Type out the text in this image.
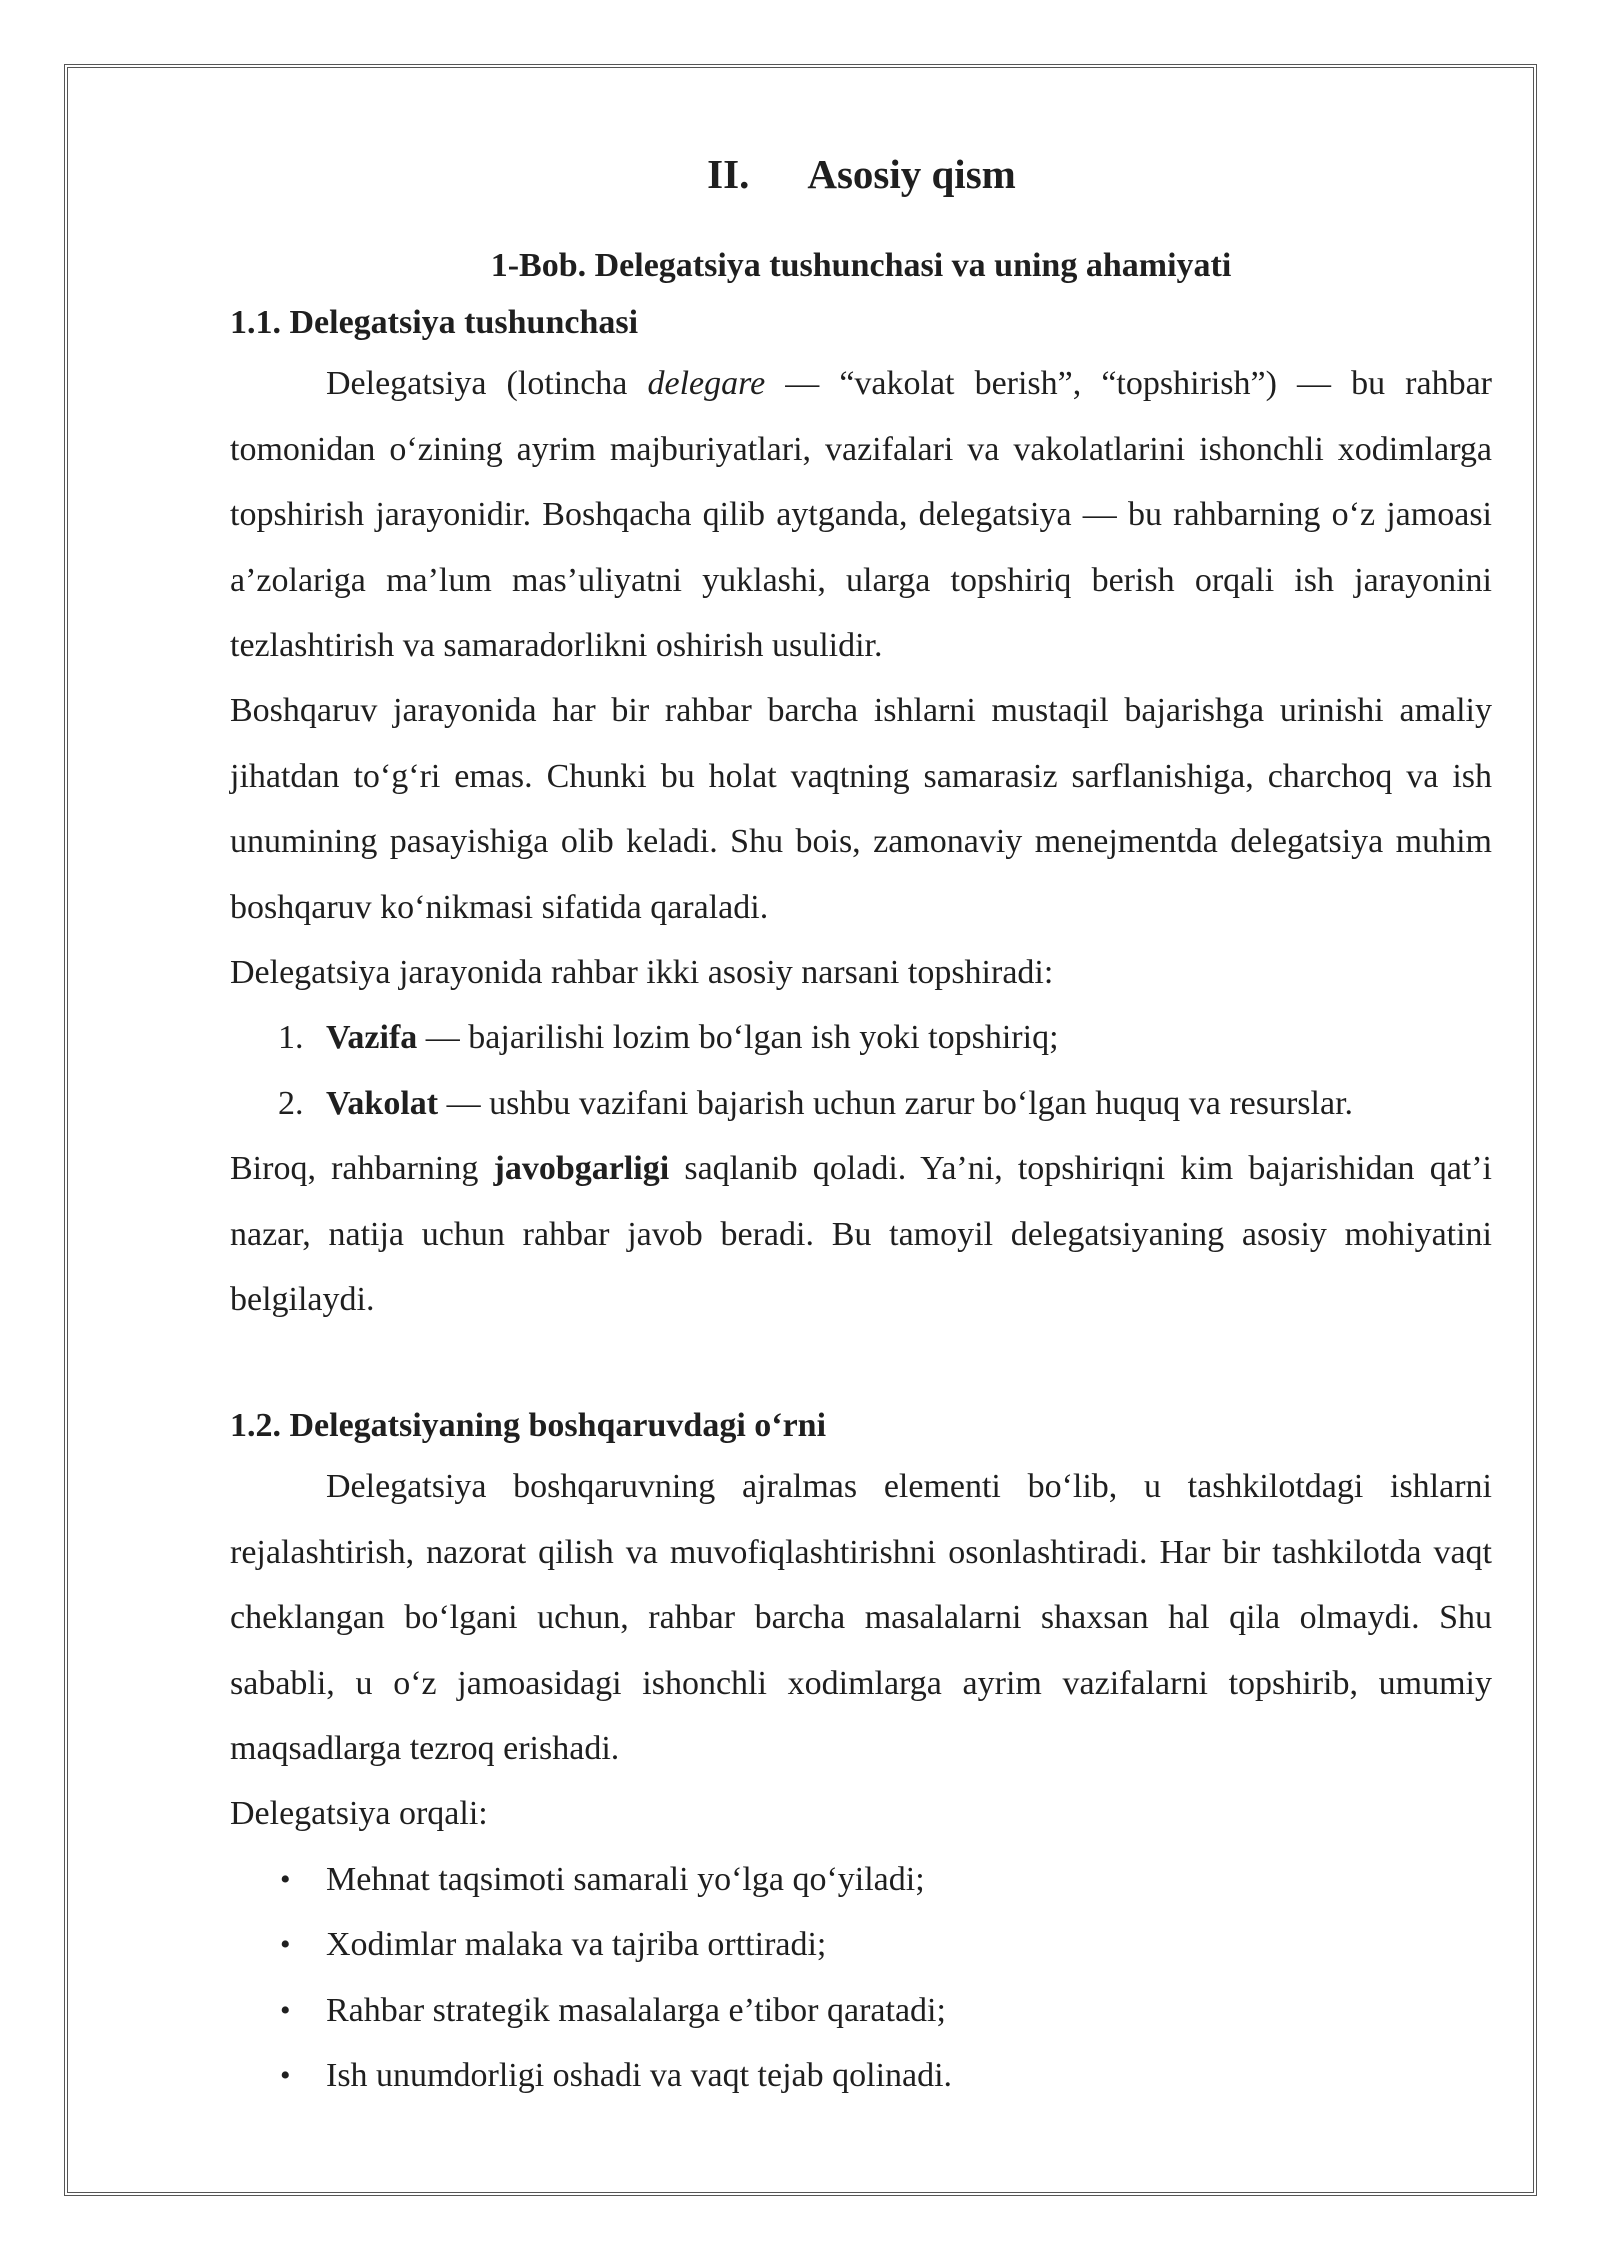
II. Asosiy qism
1-Bob. Delegatsiya tushunchasi va uning ahamiyati
1.1. Delegatsiya tushunchasi

Delegatsiya (lotincha delegare — “vakolat berish”, “topshirish”) — bu rahbar tomonidan o‘zining ayrim majburiyatlari, vazifalari va vakolatlarini ishonchli xodimlarga topshirish jarayonidir. Boshqacha qilib aytganda, delegatsiya — bu rahbarning o‘z jamoasi a’zolariga ma’lum mas’uliyatni yuklashi, ularga topshiriq berish orqali ish jarayonini tezlashtirish va samaradorlikni oshirish usulidir.

Boshqaruv jarayonida har bir rahbar barcha ishlarni mustaqil bajarishga urinishi amaliy jihatdan to‘g‘ri emas. Chunki bu holat vaqtning samarasiz sarflanishiga, charchoq va ish unumining pasayishiga olib keladi. Shu bois, zamonaviy menejmentda delegatsiya muhim boshqaruv ko‘nikmasi sifatida qaraladi.

Delegatsiya jarayonida rahbar ikki asosiy narsani topshiradi:

1. Vazifa — bajarilishi lozim bo‘lgan ish yoki topshiriq;
2. Vakolat — ushbu vazifani bajarish uchun zarur bo‘lgan huquq va resurslar.

Biroq, rahbarning javobgarligi saqlanib qoladi. Ya’ni, topshiriqni kim bajarishidan qat’i nazar, natija uchun rahbar javob beradi. Bu tamoyil delegatsiyaning asosiy mohiyatini belgilaydi.

1.2. Delegatsiyaning boshqaruvdagi o‘rni

Delegatsiya boshqaruvning ajralmas elementi bo‘lib, u tashkilotdagi ishlarni rejalashtirish, nazorat qilish va muvofiqlashtirishni osonlashtiradi. Har bir tashkilotda vaqt cheklangan bo‘lgani uchun, rahbar barcha masalalarni shaxsan hal qila olmaydi. Shu sababli, u o‘z jamoasidagi ishonchli xodimlarga ayrim vazifalarni topshirib, umumiy maqsadlarga tezroq erishadi.

Delegatsiya orqali:

• Mehnat taqsimoti samarali yo‘lga qo‘yiladi;
• Xodimlar malaka va tajriba orttiradi;
• Rahbar strategik masalalarga e’tibor qaratadi;
• Ish unumdorligi oshadi va vaqt tejab qolinadi.
